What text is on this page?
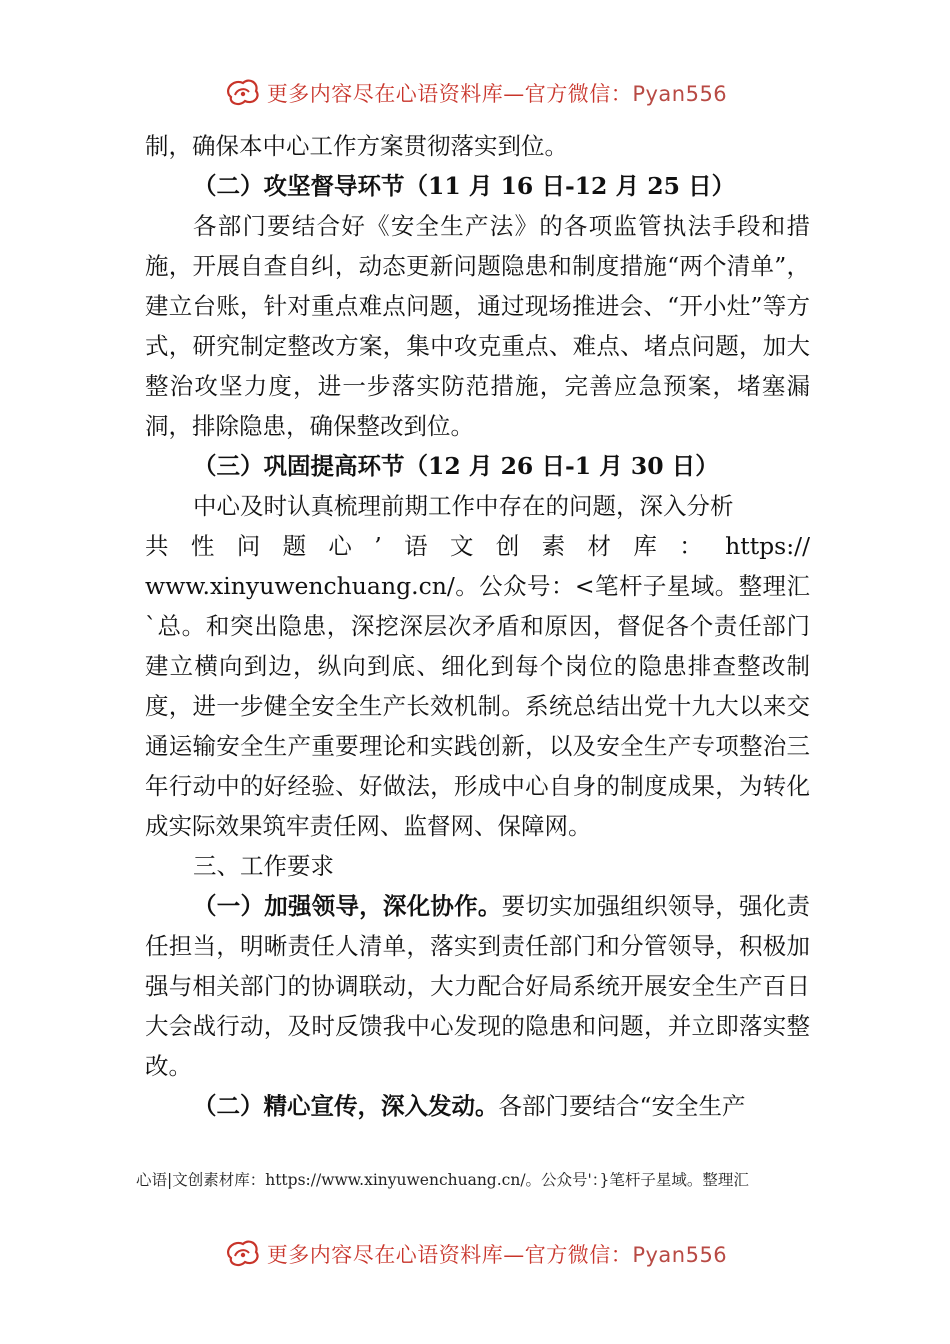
更多内容尽在心语资料库—官方微信：Pyan556

制，确保本中心工作方案贯彻落实到位。

（二）攻坚督导环节（11 月 16 日-12 月 25 日）

各部门要结合好《安全生产法》的各项监管执法手段和措施，开展自查自纠，动态更新问题隐患和制度措施“两个清单”，建立台账，针对重点难点问题，通过现场推进会、“开小灶”等方式，研究制定整改方案，集中攻克重点、难点、堵点问题，加大整治攻坚力度，进一步落实防范措施，完善应急预案，堵塞漏洞，排除隐患，确保整改到位。

（三）巩固提高环节（12 月 26 日-1 月 30 日）

中心及时认真梳理前期工作中存在的问题，深入分析

共性问题心’语文创素材库：https://

www.xinyuwenchuang.cn/。公众号：<笔杆子星域。整理汇`总。和突出隐患，深挖深层次矛盾和原因，督促各个责任部门建立横向到边，纵向到底、细化到每个岗位的隐患排查整改制度，进一步健全安全生产长效机制。系统总结出党十九大以来交通运输安全生产重要理论和实践创新，以及安全生产专项整治三年行动中的好经验、好做法，形成中心自身的制度成果，为转化成实际效果筑牢责任网、监督网、保障网。

三、工作要求

（一）加强领导，深化协作。要切实加强组织领导，强化责任担当，明晰责任人清单，落实到责任部门和分管领导，积极加强与相关部门的协调联动，大力配合好局系统开展安全生产百日大会战行动，及时反馈我中心发现的隐患和问题，并立即落实整改。

（二）精心宣传，深入发动。各部门要结合“安全生产

心语|文创素材库：https://www.xinyuwenchuang.cn/。公众号'：}笔杆子星域。整理汇
更多内容尽在心语资料库—官方微信：Pyan556
